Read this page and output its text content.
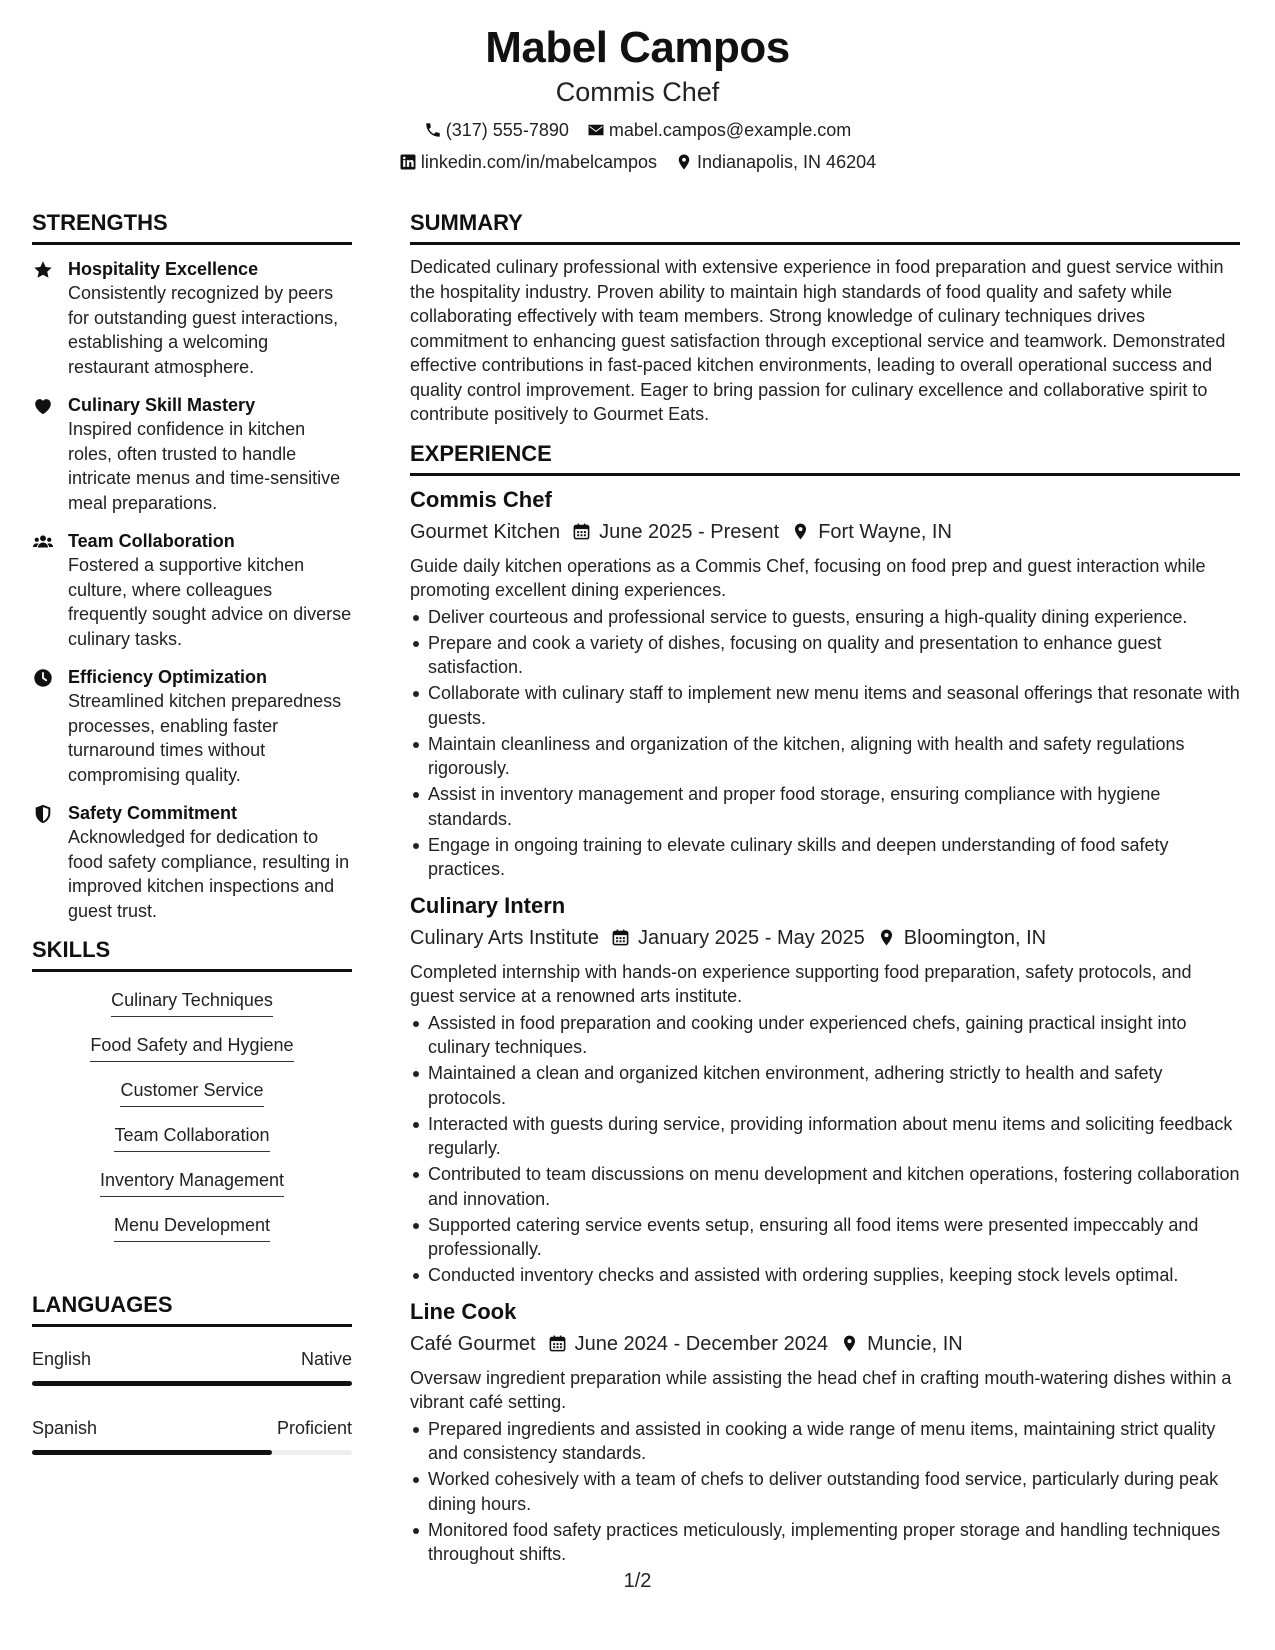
Mabel Campos
Commis Chef
(317) 555-7890 mabel.campos@example.com
linkedin.com/in/mabelcampos Indianapolis, IN 46204
STRENGTHS
Hospitality Excellence
Consistently recognized by peers for outstanding guest interactions, establishing a welcoming restaurant atmosphere.
Culinary Skill Mastery
Inspired confidence in kitchen roles, often trusted to handle intricate menus and time-sensitive meal preparations.
Team Collaboration
Fostered a supportive kitchen culture, where colleagues frequently sought advice on diverse culinary tasks.
Efficiency Optimization
Streamlined kitchen preparedness processes, enabling faster turnaround times without compromising quality.
Safety Commitment
Acknowledged for dedication to food safety compliance, resulting in improved kitchen inspections and guest trust.
SKILLS
Culinary Techniques
Food Safety and Hygiene
Customer Service
Team Collaboration
Inventory Management
Menu Development
LANGUAGES
English	Native
Spanish	Proficient
SUMMARY
Dedicated culinary professional with extensive experience in food preparation and guest service within the hospitality industry. Proven ability to maintain high standards of food quality and safety while collaborating effectively with team members. Strong knowledge of culinary techniques drives commitment to enhancing guest satisfaction through exceptional service and teamwork. Demonstrated effective contributions in fast-paced kitchen environments, leading to overall operational success and quality control improvement. Eager to bring passion for culinary excellence and collaborative spirit to contribute positively to Gourmet Eats.
EXPERIENCE
Commis Chef
Gourmet Kitchen June 2025 - Present Fort Wayne, IN
Guide daily kitchen operations as a Commis Chef, focusing on food prep and guest interaction while promoting excellent dining experiences.
Deliver courteous and professional service to guests, ensuring a high-quality dining experience.
Prepare and cook a variety of dishes, focusing on quality and presentation to enhance guest satisfaction.
Collaborate with culinary staff to implement new menu items and seasonal offerings that resonate with guests.
Maintain cleanliness and organization of the kitchen, aligning with health and safety regulations rigorously.
Assist in inventory management and proper food storage, ensuring compliance with hygiene standards.
Engage in ongoing training to elevate culinary skills and deepen understanding of food safety practices.
Culinary Intern
Culinary Arts Institute January 2025 - May 2025 Bloomington, IN
Completed internship with hands-on experience supporting food preparation, safety protocols, and guest service at a renowned arts institute.
Assisted in food preparation and cooking under experienced chefs, gaining practical insight into culinary techniques.
Maintained a clean and organized kitchen environment, adhering strictly to health and safety protocols.
Interacted with guests during service, providing information about menu items and soliciting feedback regularly.
Contributed to team discussions on menu development and kitchen operations, fostering collaboration and innovation.
Supported catering service events setup, ensuring all food items were presented impeccably and professionally.
Conducted inventory checks and assisted with ordering supplies, keeping stock levels optimal.
Line Cook
Café Gourmet June 2024 - December 2024 Muncie, IN
Oversaw ingredient preparation while assisting the head chef in crafting mouth-watering dishes within a vibrant café setting.
Prepared ingredients and assisted in cooking a wide range of menu items, maintaining strict quality and consistency standards.
Worked cohesively with a team of chefs to deliver outstanding food service, particularly during peak dining hours.
Monitored food safety practices meticulously, implementing proper storage and handling techniques throughout shifts.
1/2
